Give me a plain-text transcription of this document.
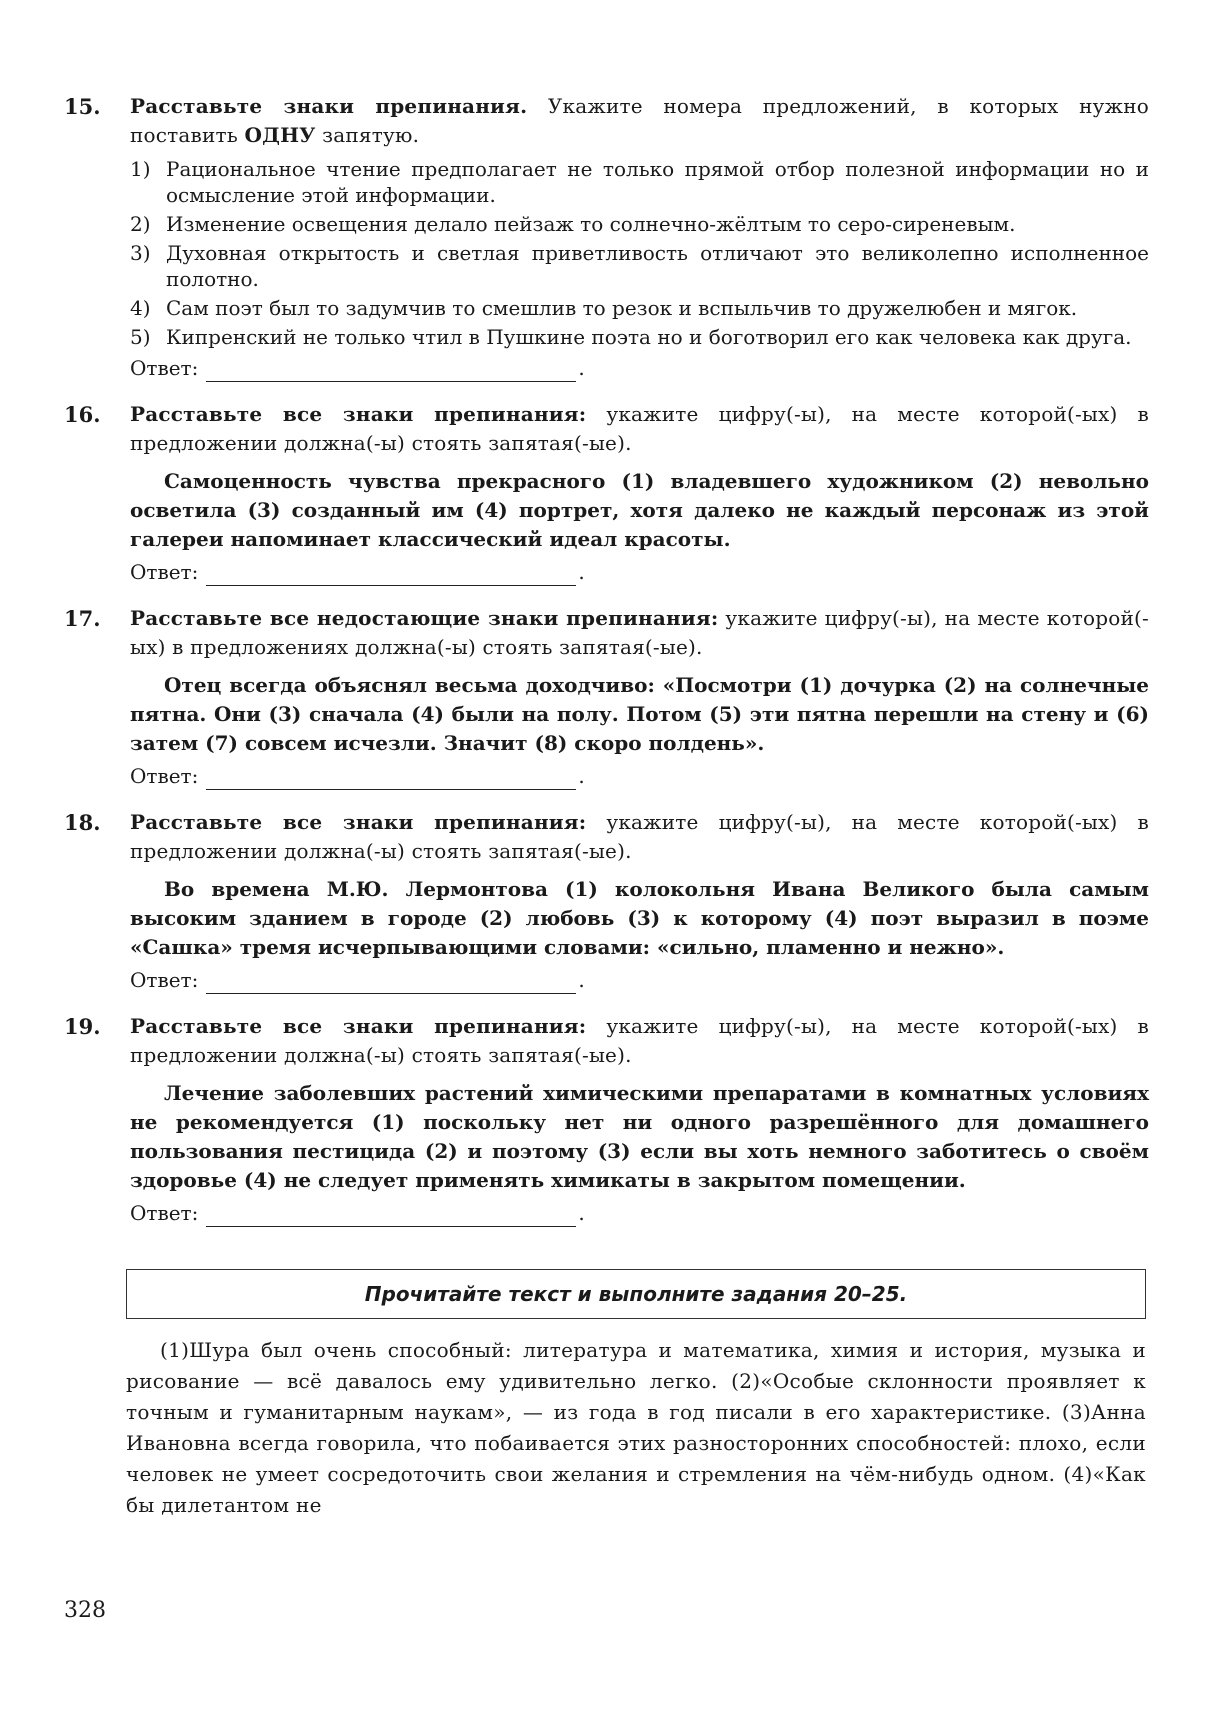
15.	Расставьте знаки препинания. Укажите номера предложений, в которых нужно поставить ОДНУ запятую.
1) Рациональное чтение предполагает не только прямой отбор полезной информации но и осмысление этой информации.
2) Изменение освещения делало пейзаж то солнечно-жёлтым то серо-сиреневым.
3) Духовная открытость и светлая приветливость отличают это великолепно исполненное полотно.
4) Сам поэт был то задумчив то смешлив то резок и вспыльчив то дружелюбен и мягок.
5) Кипренский не только чтил в Пушкине поэта но и боготворил его как человека как друга.
Ответ:	.
16.	Расставьте все знаки препинания: укажите цифру(-ы), на месте которой(-ых) в предложении должна(-ы) стоять запятая(-ые).
Самоценность чувства прекрасного (1) владевшего художником (2) невольно осветила (3) созданный им (4) портрет, хотя далеко не каждый персонаж из этой галереи напоминает классический идеал красоты.
Ответ:	.
17.	Расставьте все недостающие знаки препинания: укажите цифру(-ы), на месте которой(-ых) в предложениях должна(-ы) стоять запятая(-ые).
Отец всегда объяснял весьма доходчиво: «Посмотри (1) дочурка (2) на солнечные пятна. Они (3) сначала (4) были на полу. Потом (5) эти пятна перешли на стену и (6) затем (7) совсем исчезли. Значит (8) скоро полдень».
Ответ:	.
18.	Расставьте все знаки препинания: укажите цифру(-ы), на месте которой(-ых) в предложении должна(-ы) стоять запятая(-ые).
Во времена М.Ю. Лермонтова (1) колокольня Ивана Великого была самым высоким зданием в городе (2) любовь (3) к которому (4) поэт выразил в поэме «Сашка» тремя исчерпывающими словами: «сильно, пламенно и нежно».
Ответ:	.
19.	Расставьте все знаки препинания: укажите цифру(-ы), на месте которой(-ых) в предложении должна(-ы) стоять запятая(-ые).
Лечение заболевших растений химическими препаратами в комнатных условиях не рекомендуется (1) поскольку нет ни одного разрешённого для домашнего пользования пестицида (2) и поэтому (3) если вы хоть немного заботитесь о своём здоровье (4) не следует применять химикаты в закрытом помещении.
Ответ:	.
Прочитайте текст и выполните задания 20–25.
(1)Шура был очень способный: литература и математика, химия и история, музыка и рисование — всё давалось ему удивительно легко. (2)«Особые склонности проявляет к точным и гуманитарным наукам», — из года в год писали в его характеристике. (3)Анна Ивановна всегда говорила, что побаивается этих разносторонних способностей: плохо, если человек не умеет сосредоточить свои желания и стремления на чём-нибудь одном. (4)«Как бы дилетантом не
328
